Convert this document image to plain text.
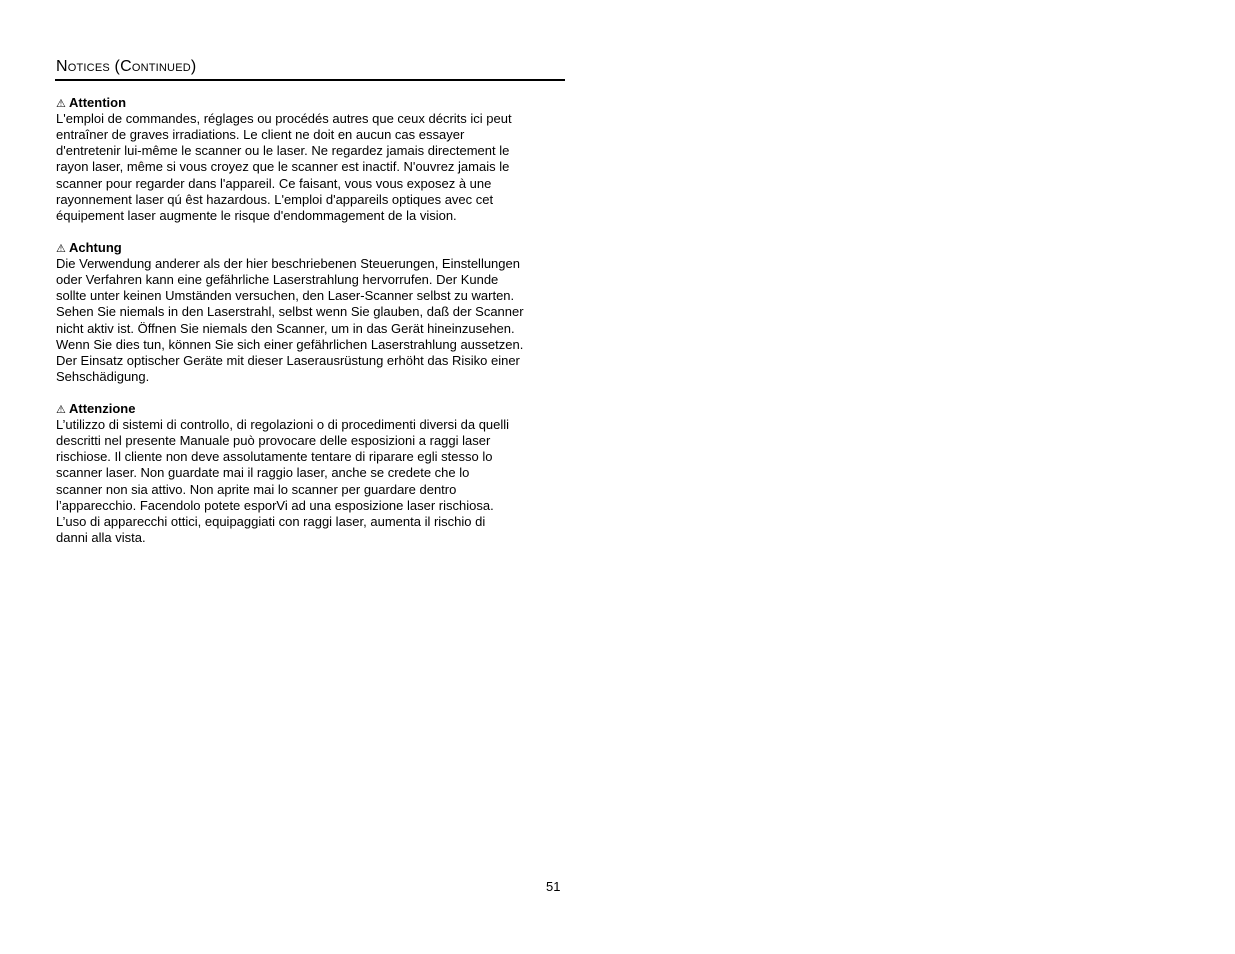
Notices (Continued)
⚠ Attention
L'emploi de commandes, réglages ou procédés autres que ceux décrits ici peut
entraîner de graves irradiations. Le client ne doit en aucun cas essayer
d'entretenir lui-même le scanner ou le laser. Ne regardez jamais directement le
rayon laser, même si vous croyez que le scanner est inactif. N'ouvrez jamais le
scanner pour regarder dans l'appareil. Ce faisant, vous vous exposez à une
rayonnement laser qú êst hazardous. L'emploi d'appareils optiques avec cet
équipement laser augmente le risque d'endommagement de la vision.
⚠ Achtung
Die Verwendung anderer als der hier beschriebenen Steuerungen, Einstellungen
oder Verfahren kann eine gefährliche Laserstrahlung hervorrufen. Der Kunde
sollte unter keinen Umständen versuchen, den Laser-Scanner selbst zu warten.
Sehen Sie niemals in den Laserstrahl, selbst wenn Sie glauben, daß der Scanner
nicht aktiv ist. Öffnen Sie niemals den Scanner, um in das Gerät hineinzusehen.
Wenn Sie dies tun, können Sie sich einer gefährlichen Laserstrahlung aussetzen.
Der Einsatz optischer Geräte mit dieser Laserausrüstung erhöht das Risiko einer
Sehschädigung.
⚠ Attenzione
L’utilizzo di sistemi di controllo, di regolazioni o di procedimenti diversi da quelli
descritti nel presente Manuale può provocare delle esposizioni a raggi laser
rischiose. Il cliente non deve assolutamente tentare di riparare egli stesso lo
scanner laser. Non guardate mai il raggio laser, anche se credete che lo
scanner non sia attivo. Non aprite mai lo scanner per guardare dentro
l’apparecchio. Facendolo potete esporVi ad una esposizione laser rischiosa.
L’uso di apparecchi ottici, equipaggiati con raggi laser, aumenta il rischio di
danni alla vista.
51
